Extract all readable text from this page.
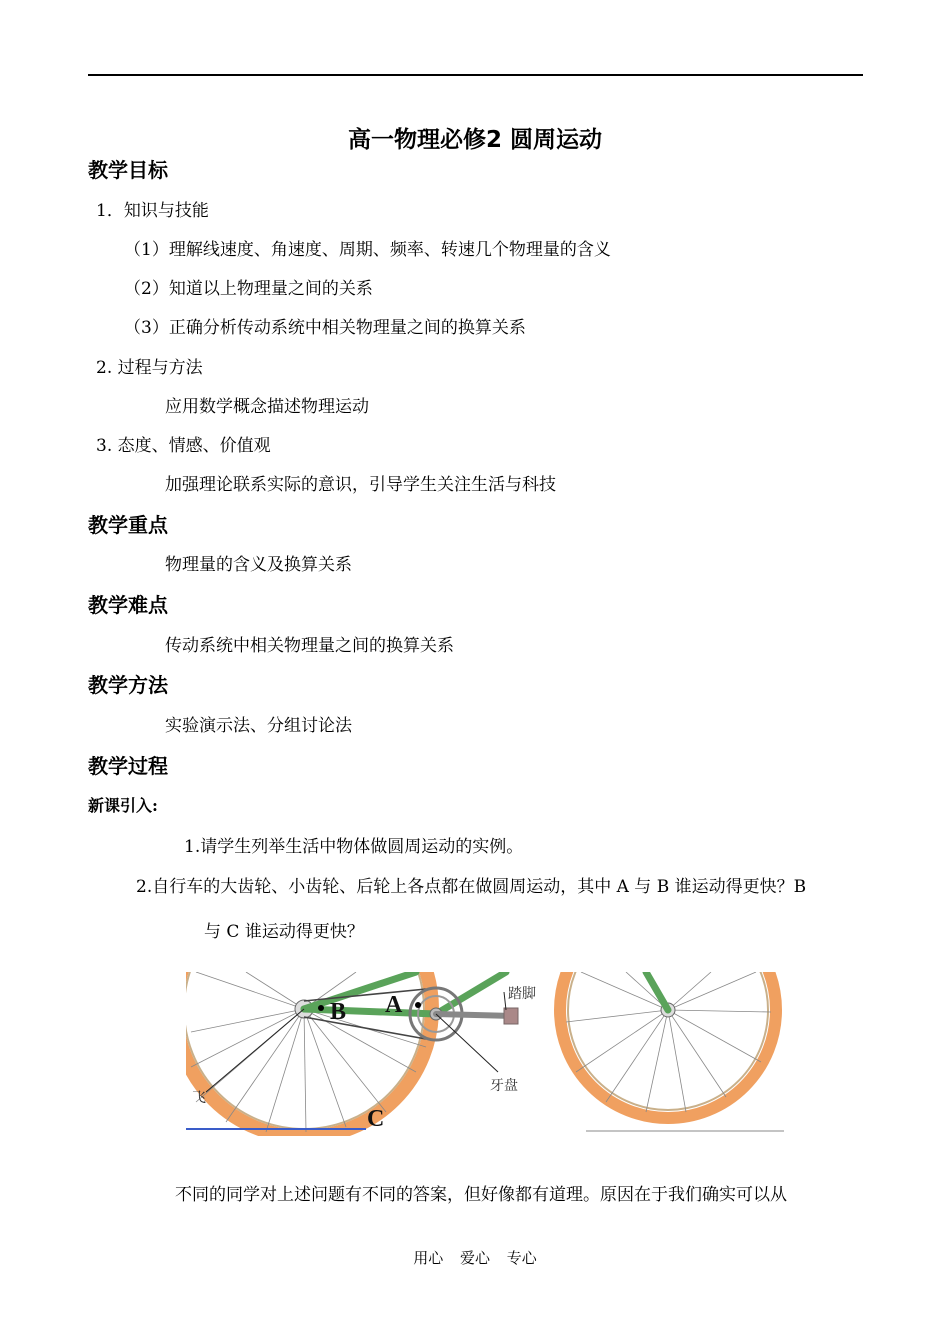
高一物理必修2 圆周运动
教学目标
1．知识与技能
（1）理解线速度、角速度、周期、频率、转速几个物理量的含义
（2）知道以上物理量之间的关系
（3）正确分析传动系统中相关物理量之间的换算关系
2. 过程与方法
应用数学概念描述物理运动
3. 态度、情感、价值观
加强理论联系实际的意识，引导学生关注生活与科技
教学重点
物理量的含义及换算关系
教学难点
传动系统中相关物理量之间的换算关系
教学方法
实验演示法、分组讨论法
教学过程
新课引入:
1.请学生列举生活中物体做圆周运动的实例。
2.自行车的大齿轮、小齿轮、后轮上各点都在做圆周运动，其中 A 与 B 谁运动得更快？B
与 C 谁运动得更快？
B A
C
踏脚
牙盘
飞
不同的同学对上述问题有不同的答案，但好像都有道理。原因在于我们确实可以从
用心 爱心 专心
